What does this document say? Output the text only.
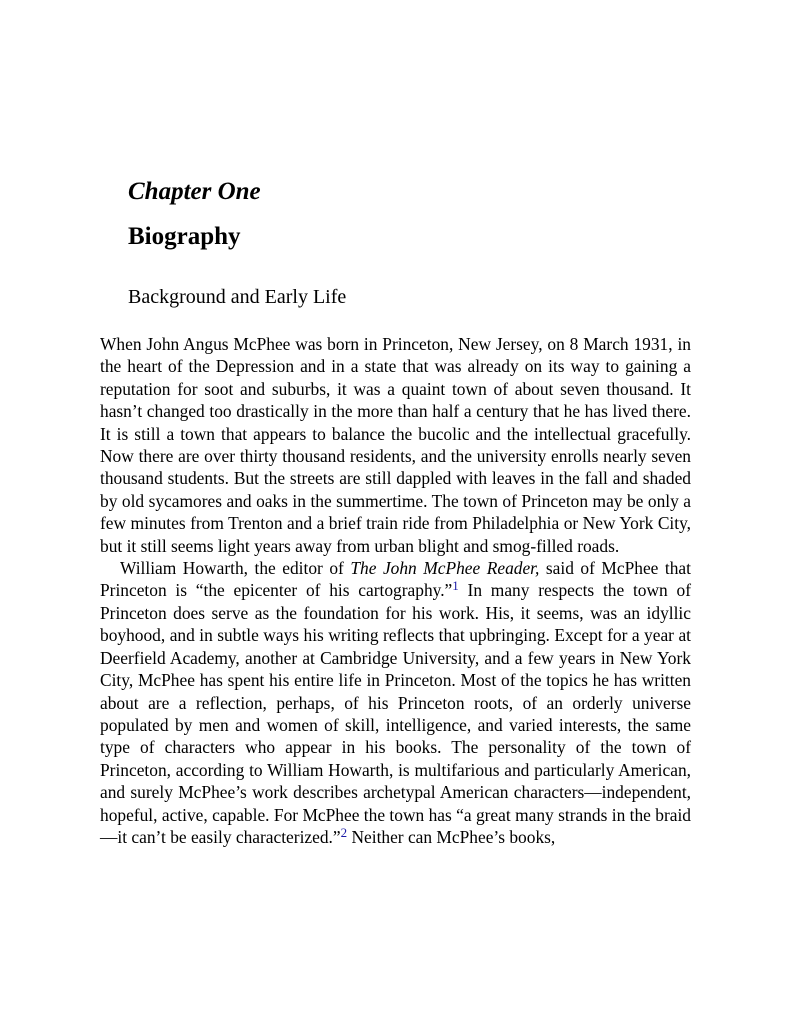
Chapter One
Biography
Background and Early Life

When John Angus McPhee was born in Princeton, New Jersey, on 8 March 1931, in the heart of the Depression and in a state that was already on its way to gaining a reputation for soot and suburbs, it was a quaint town of about seven thousand. It hasn’t changed too drastically in the more than half a century that he has lived there. It is still a town that appears to balance the bucolic and the intellectual gracefully. Now there are over thirty thousand residents, and the university enrolls nearly seven thousand students. But the streets are still dappled with leaves in the fall and shaded by old sycamores and oaks in the summertime. The town of Princeton may be only a few minutes from Trenton and a brief train ride from Philadelphia or New York City, but it still seems light years away from urban blight and smog-filled roads.

William Howarth, the editor of The John McPhee Reader, said of McPhee that Princeton is “the epicenter of his cartography.”$^1$ In many respects the town of Princeton does serve as the foundation for his work. His, it seems, was an idyllic boyhood, and in subtle ways his writing reflects that upbringing. Except for a year at Deerfield Academy, another at Cambridge University, and a few years in New York City, McPhee has spent his entire life in Princeton. Most of the topics he has written about are a reflection, perhaps, of his Princeton roots, of an orderly universe populated by men and women of skill, intelligence, and varied interests, the same type of characters who appear in his books. The personality of the town of Princeton, according to William Howarth, is multifarious and particularly American, and surely McPhee’s work describes archetypal American characters—independent, hopeful, active, capable. For McPhee the town has “a great many strands in the braid—it can’t be easily characterized.”$^2$ Neither can McPhee’s books,
